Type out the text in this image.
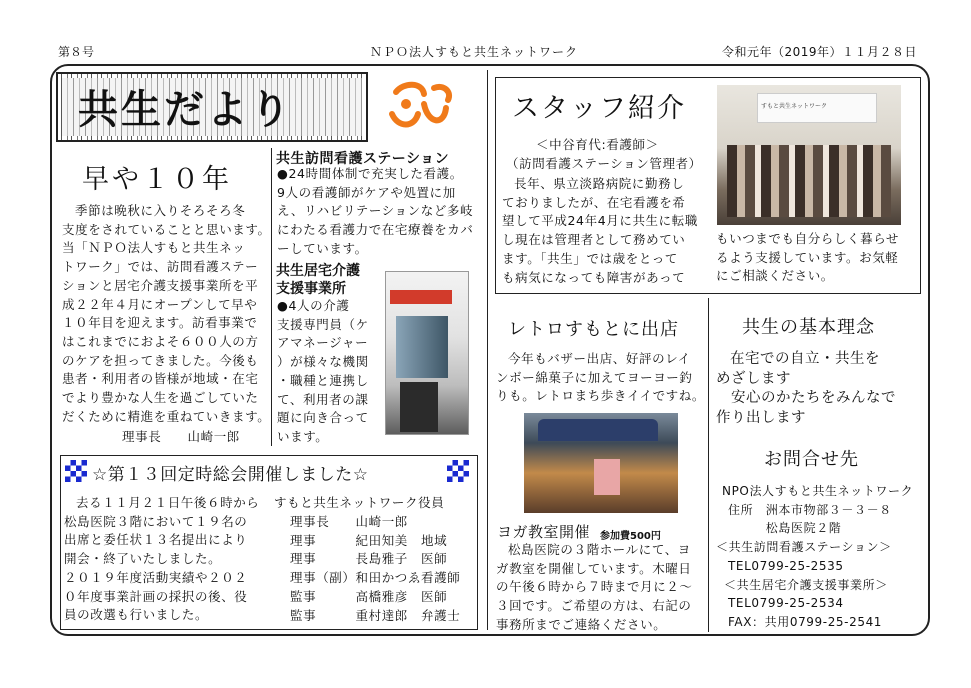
第８号	ＮＰＯ法人すもと共生ネットワーク	令和元年（2019年）１１月２８日
共生だより
早や１０年
季節は晩秋に入りそろそろ冬
支度をされていることと思います。
当「ＮＰＯ法人すもと共生ネッ
トワーク」では、訪問看護ステー
ションと居宅介護支援事業所を平
成２２年４月にオープンして早や
１０年目を迎えます。訪看事業で
はこれまでにおよそ６００人の方
のケアを担ってきました。今後も
患者・利用者の皆様が地域・在宅
でより豊かな人生を過ごしていた
だくために精進を重ねていきます。
理事長　　山崎一郎
共生訪問看護ステーション
●24時間体制で充実した看護。
9人の看護師がケアや処置に加
え、リハビリテーションなど多岐
にわたる看護力で在宅療養をカバ
ーしています。
共生居宅介護
支援事業所
●4人の介護
支援専門員（ケ
アマネージャー
）が様々な機関
・職種と連携し
て、利用者の課
題に向き合って
います。
☆第１３回定時総会開催しました☆
去る１１月２１日午後６時から
松島医院３階において１９名の
出席と委任状１３名提出により
開会・終了いたしました。
２０１９年度活動実績や２０２
０年度事業計画の採択の後、役
員の改選も行いました。
すもと共生ネットワーク役員
理事長　　山崎一郎
理事　　　紀田知美　地域
理事　　　長島雅子　医師
理事（副）和田かつゑ看護師
監事　　　高橋雅彦　医師
監事　　　重村達郎　弁護士
スタッフ紹介
＜中谷育代:看護師＞
（訪問看護ステーション管理者）
長年、県立淡路病院に勤務し
ておりましたが、在宅看護を希
望して平成24年4月に共生に転職
し現在は管理者として務めてい
ます。「共生」では歳をとって
も病気になっても障害があって
もいつまでも自分らしく暮らせ
るよう支援しています。お気軽
にご相談ください。
すもと共生ネットワーク
レトロすもとに出店
今年もバザー出店、好評のレイ
ンボー綿菓子に加えてヨーヨー釣
りも。レトロまち歩きイイですね。
ヨガ教室開催 参加費500円
松島医院の３階ホールにて、ヨ
ガ教室を開催しています。木曜日
の午後６時から７時まで月に２～
３回です。ご希望の方は、右記の
事務所までご連絡ください。
共生の基本理念
在宅での自立・共生を
めざします
　安心のかたちをみんなで
作り出します
お問合せ先
NPO法人すもと共生ネットワーク
住所　洲本市物部３－３－８
　　　松島医院２階
＜共生訪問看護ステーション＞
TEL0799-25-2535
＜共生居宅介護支援事業所＞
TEL0799-25-2534
FAX：共用0799-25-2541
